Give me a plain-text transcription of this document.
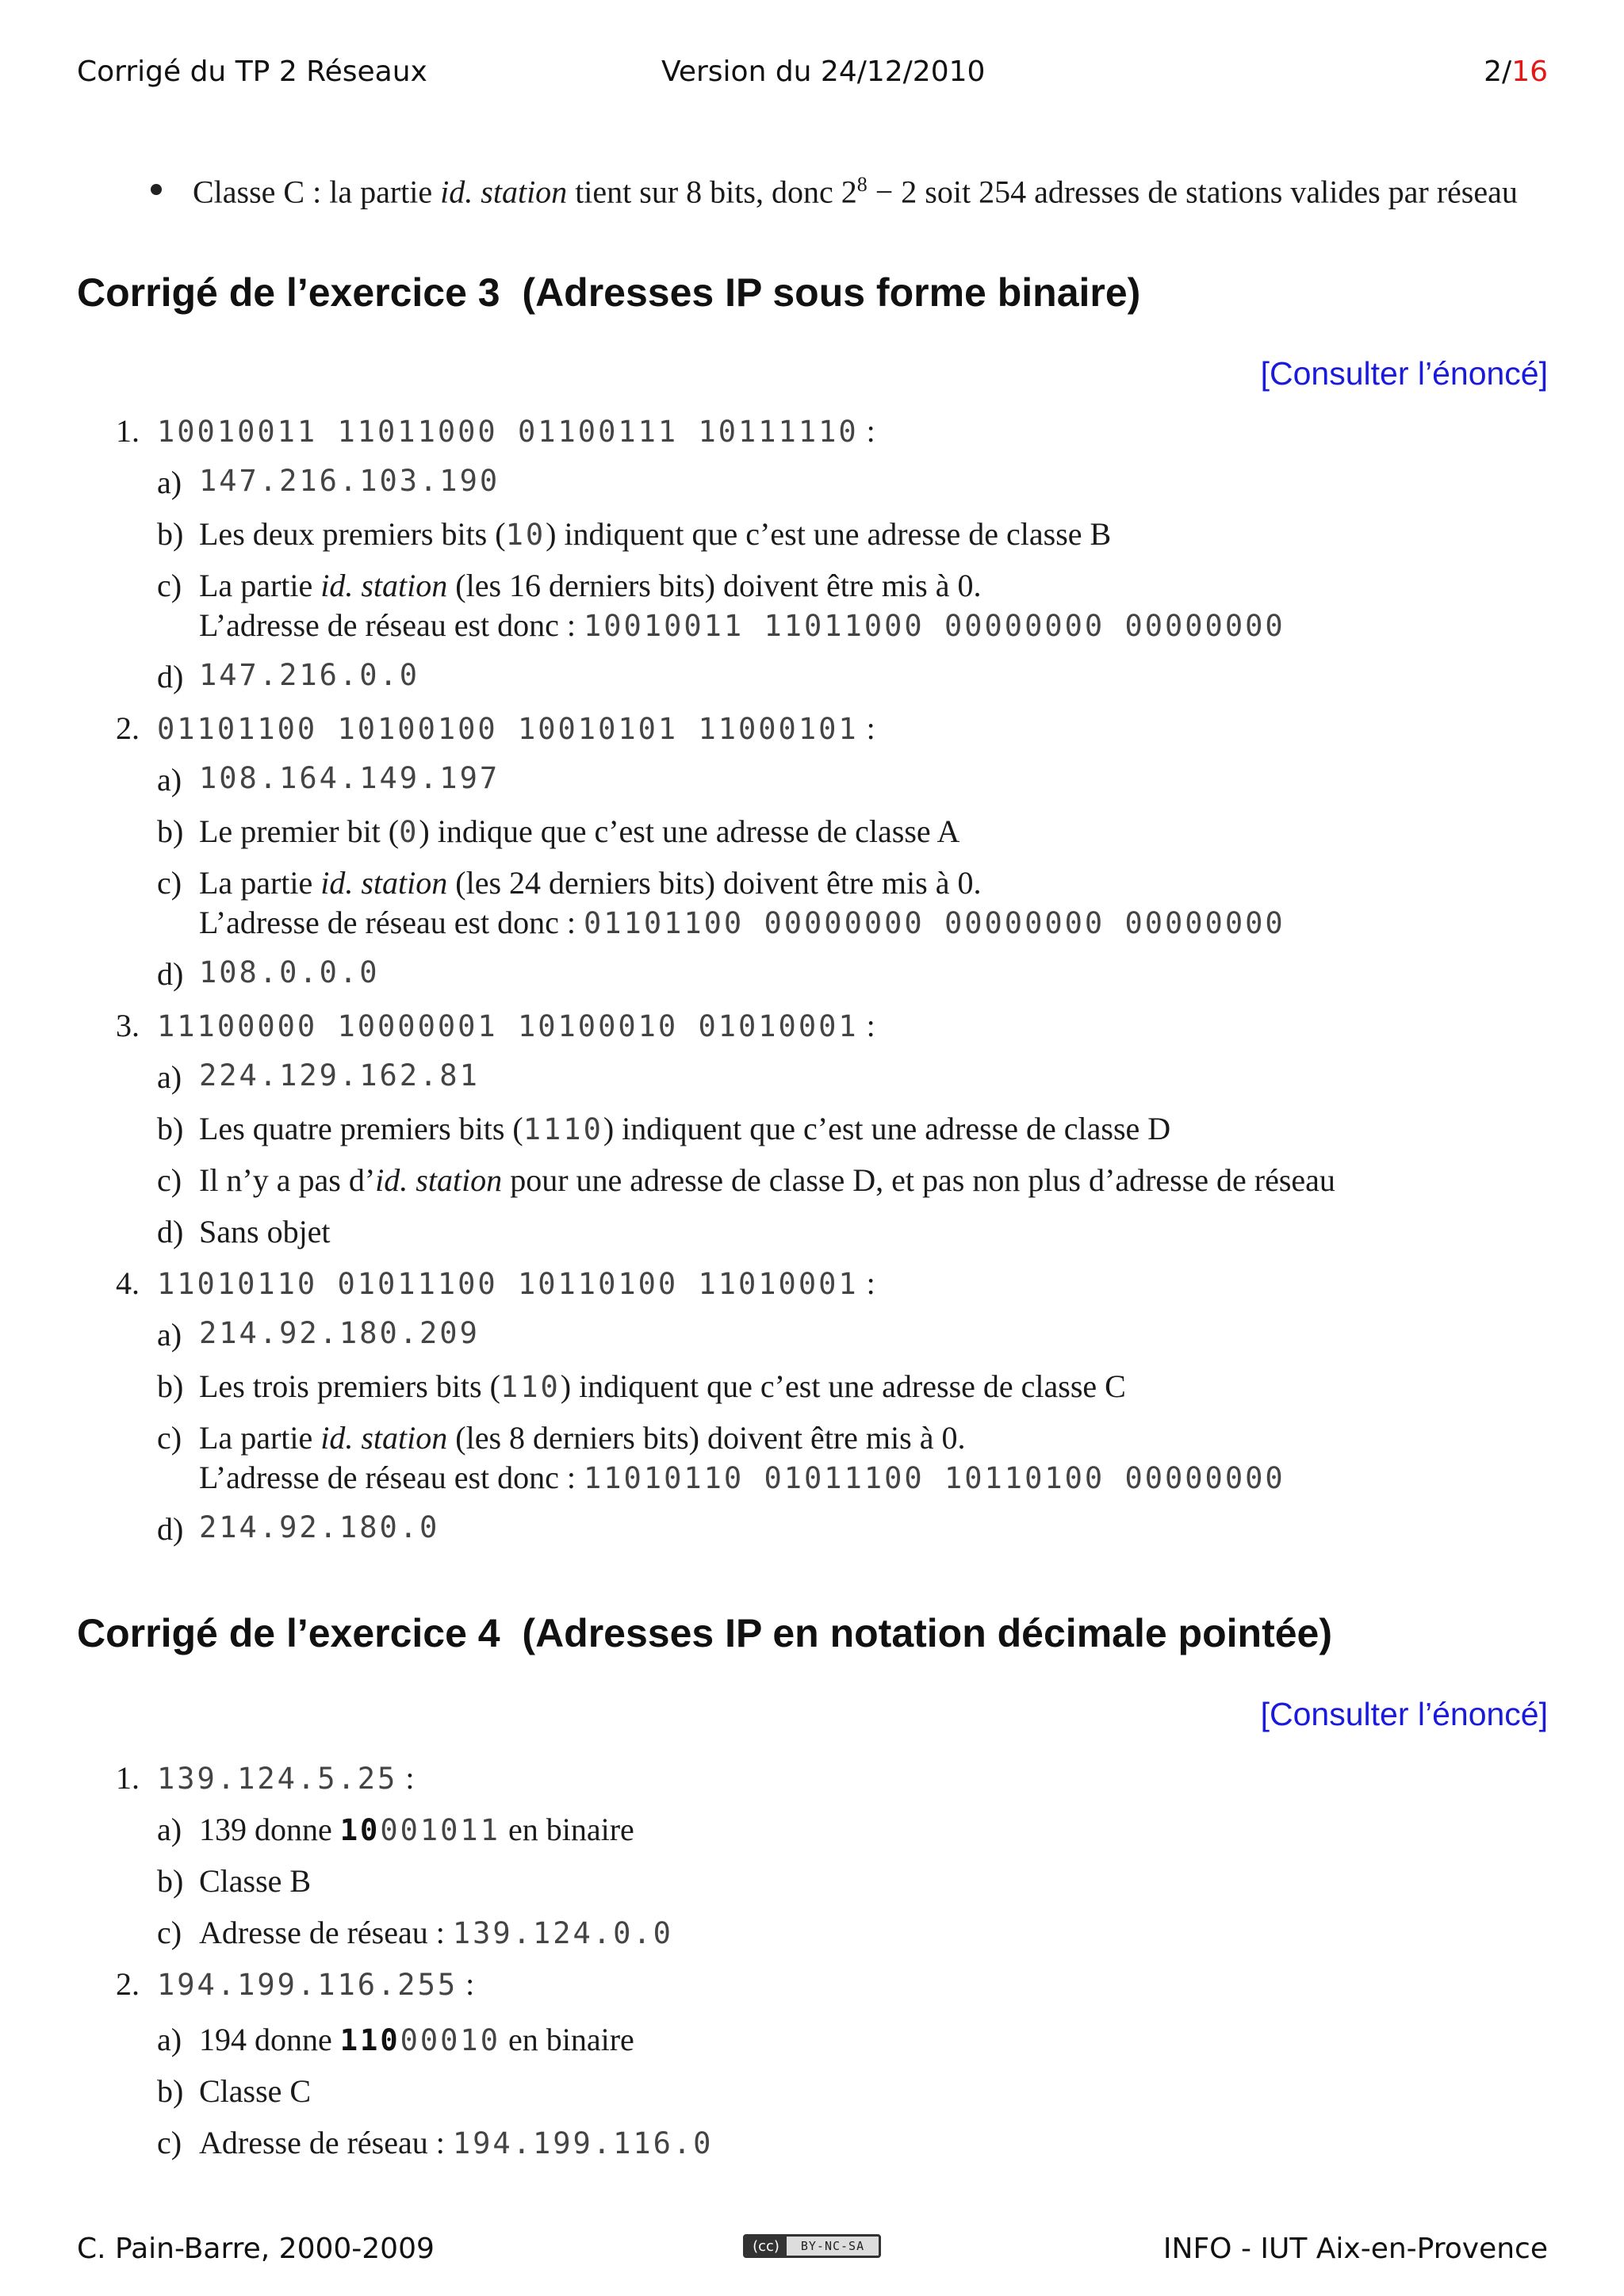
Corrigé du TP 2 Réseaux	Version du 24/12/2010	2/16
Classe C : la partie id. station tient sur 8 bits, donc $2^8 - 2$ soit 254 adresses de stations valides par réseau
Corrigé de l’exercice 3 (Adresses IP sous forme binaire)
[Consulter l’énoncé]
1. 10010011 11011000 01100111 10111110 :
a) 147.216.103.190
b) Les deux premiers bits (10) indiquent que c’est une adresse de classe B
c) La partie id. station (les 16 derniers bits) doivent être mis à 0.
L’adresse de réseau est donc : 10010011 11011000 00000000 00000000
d) 147.216.0.0
2. 01101100 10100100 10010101 11000101 :
a) 108.164.149.197
b) Le premier bit (0) indique que c’est une adresse de classe A
c) La partie id. station (les 24 derniers bits) doivent être mis à 0.
L’adresse de réseau est donc : 01101100 00000000 00000000 00000000
d) 108.0.0.0
3. 11100000 10000001 10100010 01010001 :
a) 224.129.162.81
b) Les quatre premiers bits (1110) indiquent que c’est une adresse de classe D
c) Il n’y a pas d’id. station pour une adresse de classe D, et pas non plus d’adresse de réseau
d) Sans objet
4. 11010110 01011100 10110100 11010001 :
a) 214.92.180.209
b) Les trois premiers bits (110) indiquent que c’est une adresse de classe C
c) La partie id. station (les 8 derniers bits) doivent être mis à 0.
L’adresse de réseau est donc : 11010110 01011100 10110100 00000000
d) 214.92.180.0
Corrigé de l’exercice 4 (Adresses IP en notation décimale pointée)
[Consulter l’énoncé]
1. 139.124.5.25 :
a) 139 donne 10001011 en binaire
b) Classe B
c) Adresse de réseau : 139.124.0.0
2. 194.199.116.255 :
a) 194 donne 11000010 en binaire
b) Classe C
c) Adresse de réseau : 194.199.116.0
C. Pain-Barre, 2000-2009	(cc)	BY-NC-SA	INFO - IUT Aix-en-Provence
